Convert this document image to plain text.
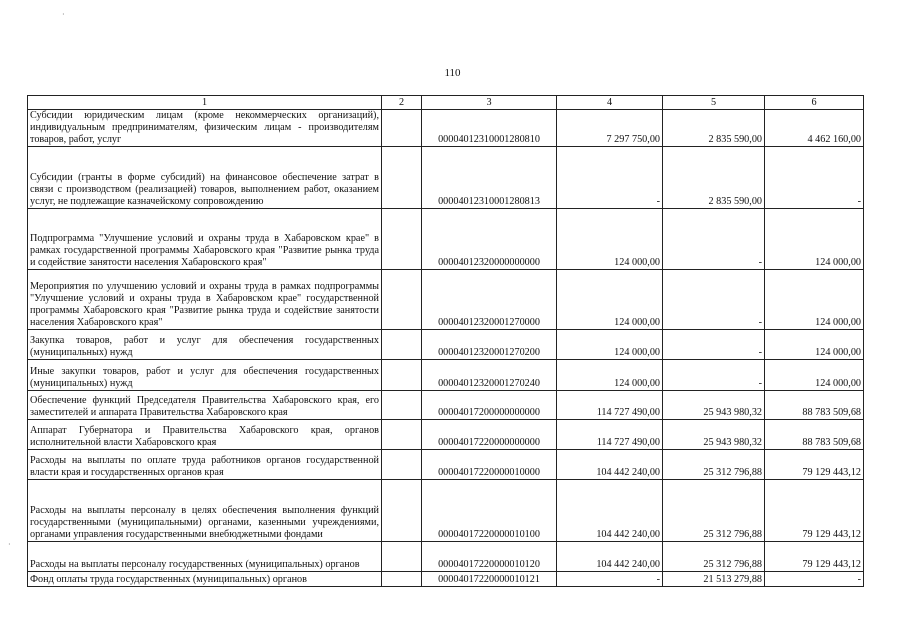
110
1	2	3	4	5	6
Субсидии юридическим лицам (кроме некоммерческих организаций), индивидуальным предпринимателям, физическим лицам - производителям товаров, работ, услуг		00004012310001280810	7 297 750,00	2 835 590,00	4 462 160,00
Субсидии (гранты в форме субсидий) на финансовое обеспечение затрат в связи с производством (реализацией) товаров, выполнением работ, оказанием услуг, не подлежащие казначейскому сопровождению		00004012310001280813	-	2 835 590,00	-
Подпрограмма "Улучшение условий и охраны труда в Хабаровском крае" в рамках государственной программы Хабаровского края "Развитие рынка труда и содействие занятости населения Хабаровского края"		00004012320000000000	124 000,00	-	124 000,00
Мероприятия по улучшению условий и охраны труда в рамках подпрограммы "Улучшение условий и охраны труда в Хабаровском крае" государственной программы Хабаровского края "Развитие рынка труда и содействие занятости населения Хабаровского края"		00004012320001270000	124 000,00	-	124 000,00
Закупка товаров, работ и услуг для обеспечения государственных (муниципальных) нужд		00004012320001270200	124 000,00	-	124 000,00
Иные закупки товаров, работ и услуг для обеспечения государственных (муниципальных) нужд		00004012320001270240	124 000,00	-	124 000,00
Обеспечение функций Председателя Правительства Хабаровского края, его заместителей и аппарата Правительства Хабаровского края		00004017200000000000	114 727 490,00	25 943 980,32	88 783 509,68
Аппарат Губернатора и Правительства Хабаровского края, органов исполнительной власти Хабаровского края		00004017220000000000	114 727 490,00	25 943 980,32	88 783 509,68
Расходы на выплаты по оплате труда работников органов государственной власти края и государственных органов края		00004017220000010000	104 442 240,00	25 312 796,88	79 129 443,12
Расходы на выплаты персоналу в целях обеспечения выполнения функций государственными (муниципальными) органами, казенными учреждениями, органами управления государственными внебюджетными фондами		00004017220000010100	104 442 240,00	25 312 796,88	79 129 443,12
Расходы на выплаты персоналу государственных (муниципальных) органов		00004017220000010120	104 442 240,00	25 312 796,88	79 129 443,12
Фонд оплаты труда государственных (муниципальных) органов		00004017220000010121	-	21 513 279,88	-
·
·
